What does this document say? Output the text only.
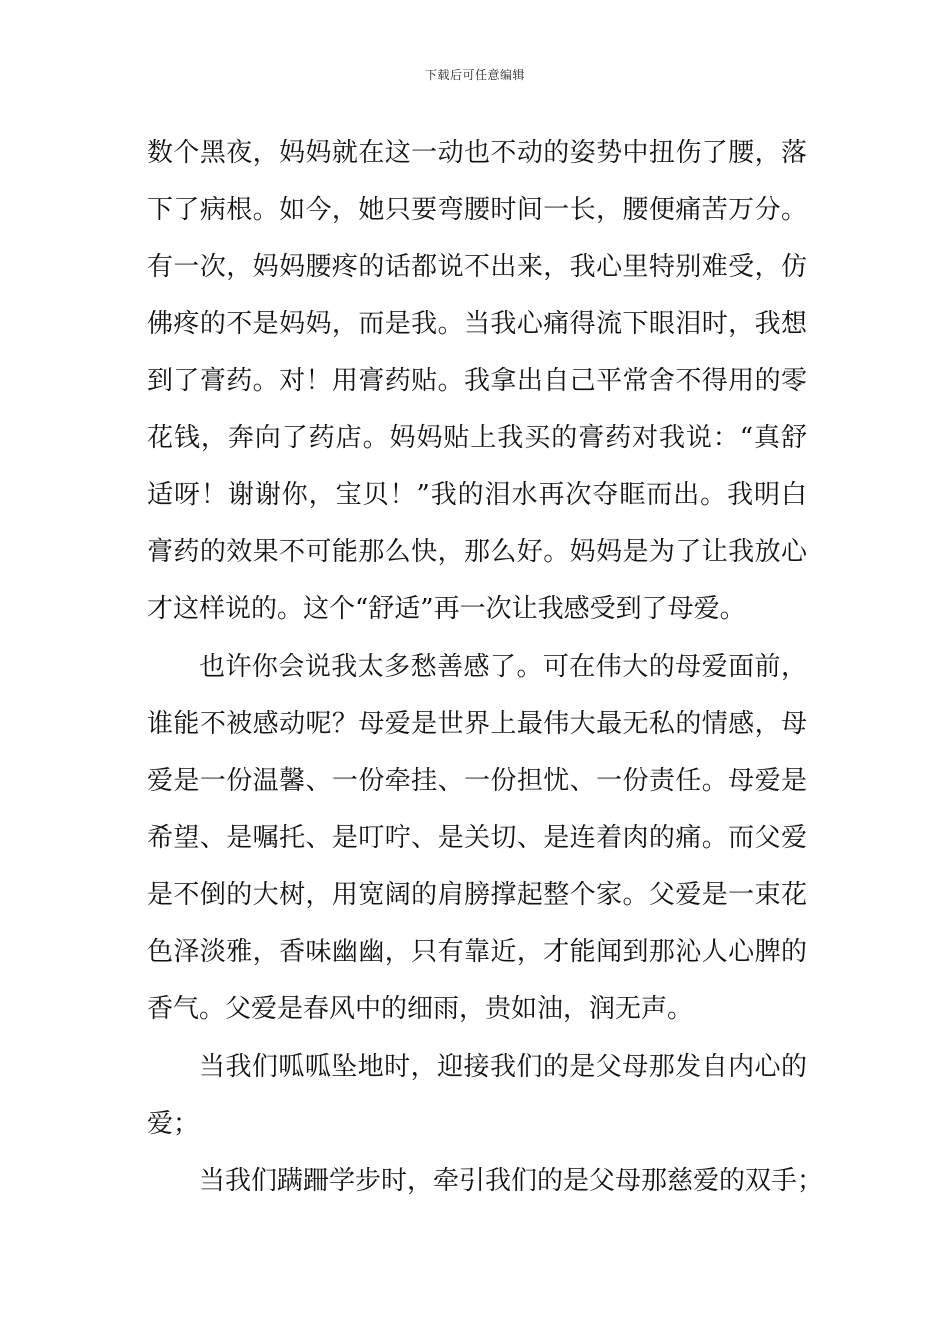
下载后可任意编辑
数个黑夜，妈妈就在这一动也不动的姿势中扭伤了腰，落
下了病根。如今，她只要弯腰时间一长，腰便痛苦万分。
有一次，妈妈腰疼的话都说不出来，我心里特别难受，仿
佛疼的不是妈妈，而是我。当我心痛得流下眼泪时，我想
到了膏药。对！用膏药贴。我拿出自己平常舍不得用的零
花钱，奔向了药店。妈妈贴上我买的膏药对我说：“真舒
适呀！谢谢你，宝贝！”我的泪水再次夺眶而出。我明白
膏药的效果不可能那么快，那么好。妈妈是为了让我放心
才这样说的。这个“舒适”再一次让我感受到了母爱。
也许你会说我太多愁善感了。可在伟大的母爱面前，
谁能不被感动呢？母爱是世界上最伟大最无私的情感，母
爱是一份温馨、一份牵挂、一份担忧、一份责任。母爱是
希望、是嘱托、是叮咛、是关切、是连着肉的痛。而父爱
是不倒的大树，用宽阔的肩膀撑起整个家。父爱是一束花
色泽淡雅，香味幽幽，只有靠近，才能闻到那沁人心脾的
香气。父爱是春风中的细雨，贵如油，润无声。
当我们呱呱坠地时，迎接我们的是父母那发自内心的
爱；
当我们蹒跚学步时，牵引我们的是父母那慈爱的双手；
